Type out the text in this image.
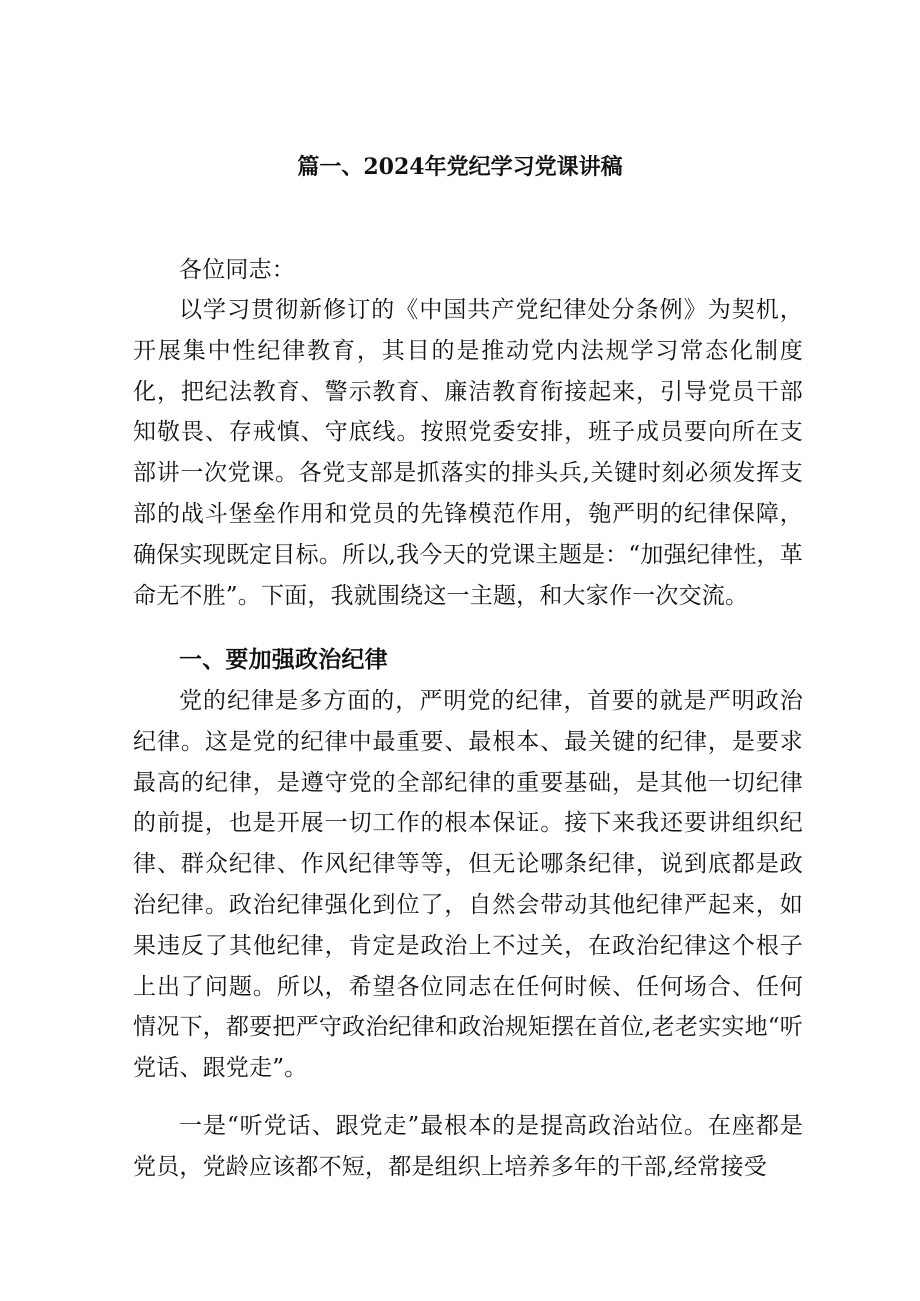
篇一、2024年党纪学习党课讲稿

各位同志：

以学习贯彻新修订的《中国共产党纪律处分条例》为契机，开展集中性纪律教育，其目的是推动党内法规学习常态化制度化，把纪法教育、警示教育、廉洁教育衔接起来，引导党员干部知敬畏、存戒慎、守底线。按照党委安排，班子成员要向所在支部讲一次党课。各党支部是抓落实的排头兵,关键时刻必须发挥支部的战斗堡垒作用和党员的先锋模范作用，匏严明的纪律保障，确保实现既定目标。所以,我今天的党课主题是：“加强纪律性，革命无不胜”。下面，我就围绕这一主题，和大家作一次交流。

一、要加强政治纪律

党的纪律是多方面的，严明党的纪律，首要的就是严明政治纪律。这是党的纪律中最重要、最根本、最关键的纪律，是要求最高的纪律，是遵守党的全部纪律的重要基础，是其他一切纪律的前提，也是开展一切工作的根本保证。接下来我还要讲组织纪律、群众纪律、作风纪律等等，但无论哪条纪律，说到底都是政治纪律。政治纪律强化到位了，自然会带动其他纪律严起来，如果违反了其他纪律，肯定是政治上不过关，在政治纪律这个根子上出了问题。所以，希望各位同志在任何时候、任何场合、任何情况下，都要把严守政治纪律和政治规矩摆在首位,老老实实地“听党话、跟党走”。

一是“听党话、跟党走”最根本的是提高政治站位。在座都是党员，党龄应该都不短，都是组织上培养多年的干部,经常接受
